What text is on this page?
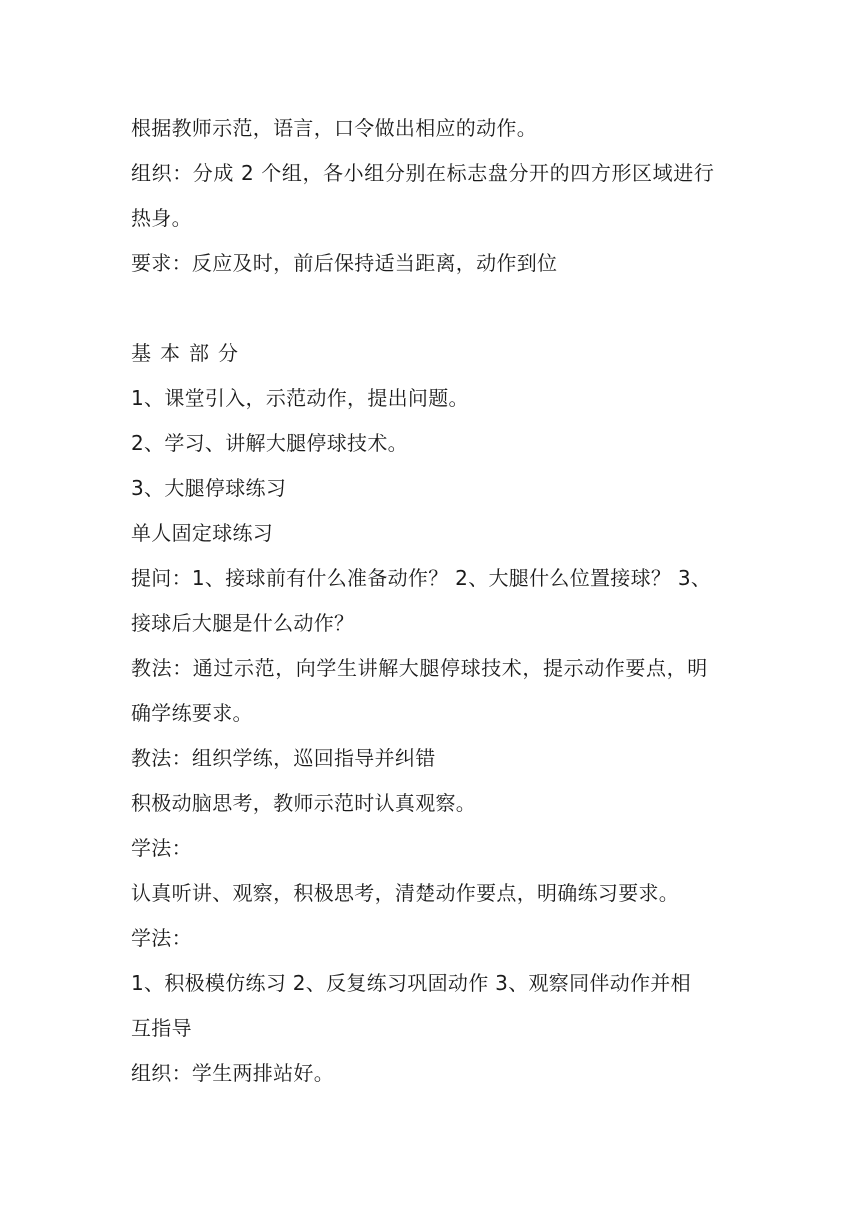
根据教师示范，语言，口令做出相应的动作。
组织：分成 2 个组，各小组分别在标志盘分开的四方形区域进行
热身。
要求：反应及时，前后保持适当距离，动作到位
基本部分
1、课堂引入，示范动作，提出问题。
2、学习、讲解大腿停球技术。
3、大腿停球练习
单人固定球练习
提问：1、接球前有什么准备动作？ 2、大腿什么位置接球？ 3、
接球后大腿是什么动作？
教法：通过示范，向学生讲解大腿停球技术，提示动作要点，明
确学练要求。
教法：组织学练，巡回指导并纠错
积极动脑思考，教师示范时认真观察。
学法：
认真听讲、观察，积极思考，清楚动作要点，明确练习要求。
学法：
1、积极模仿练习 2、反复练习巩固动作 3、观察同伴动作并相
互指导
组织：学生两排站好。
